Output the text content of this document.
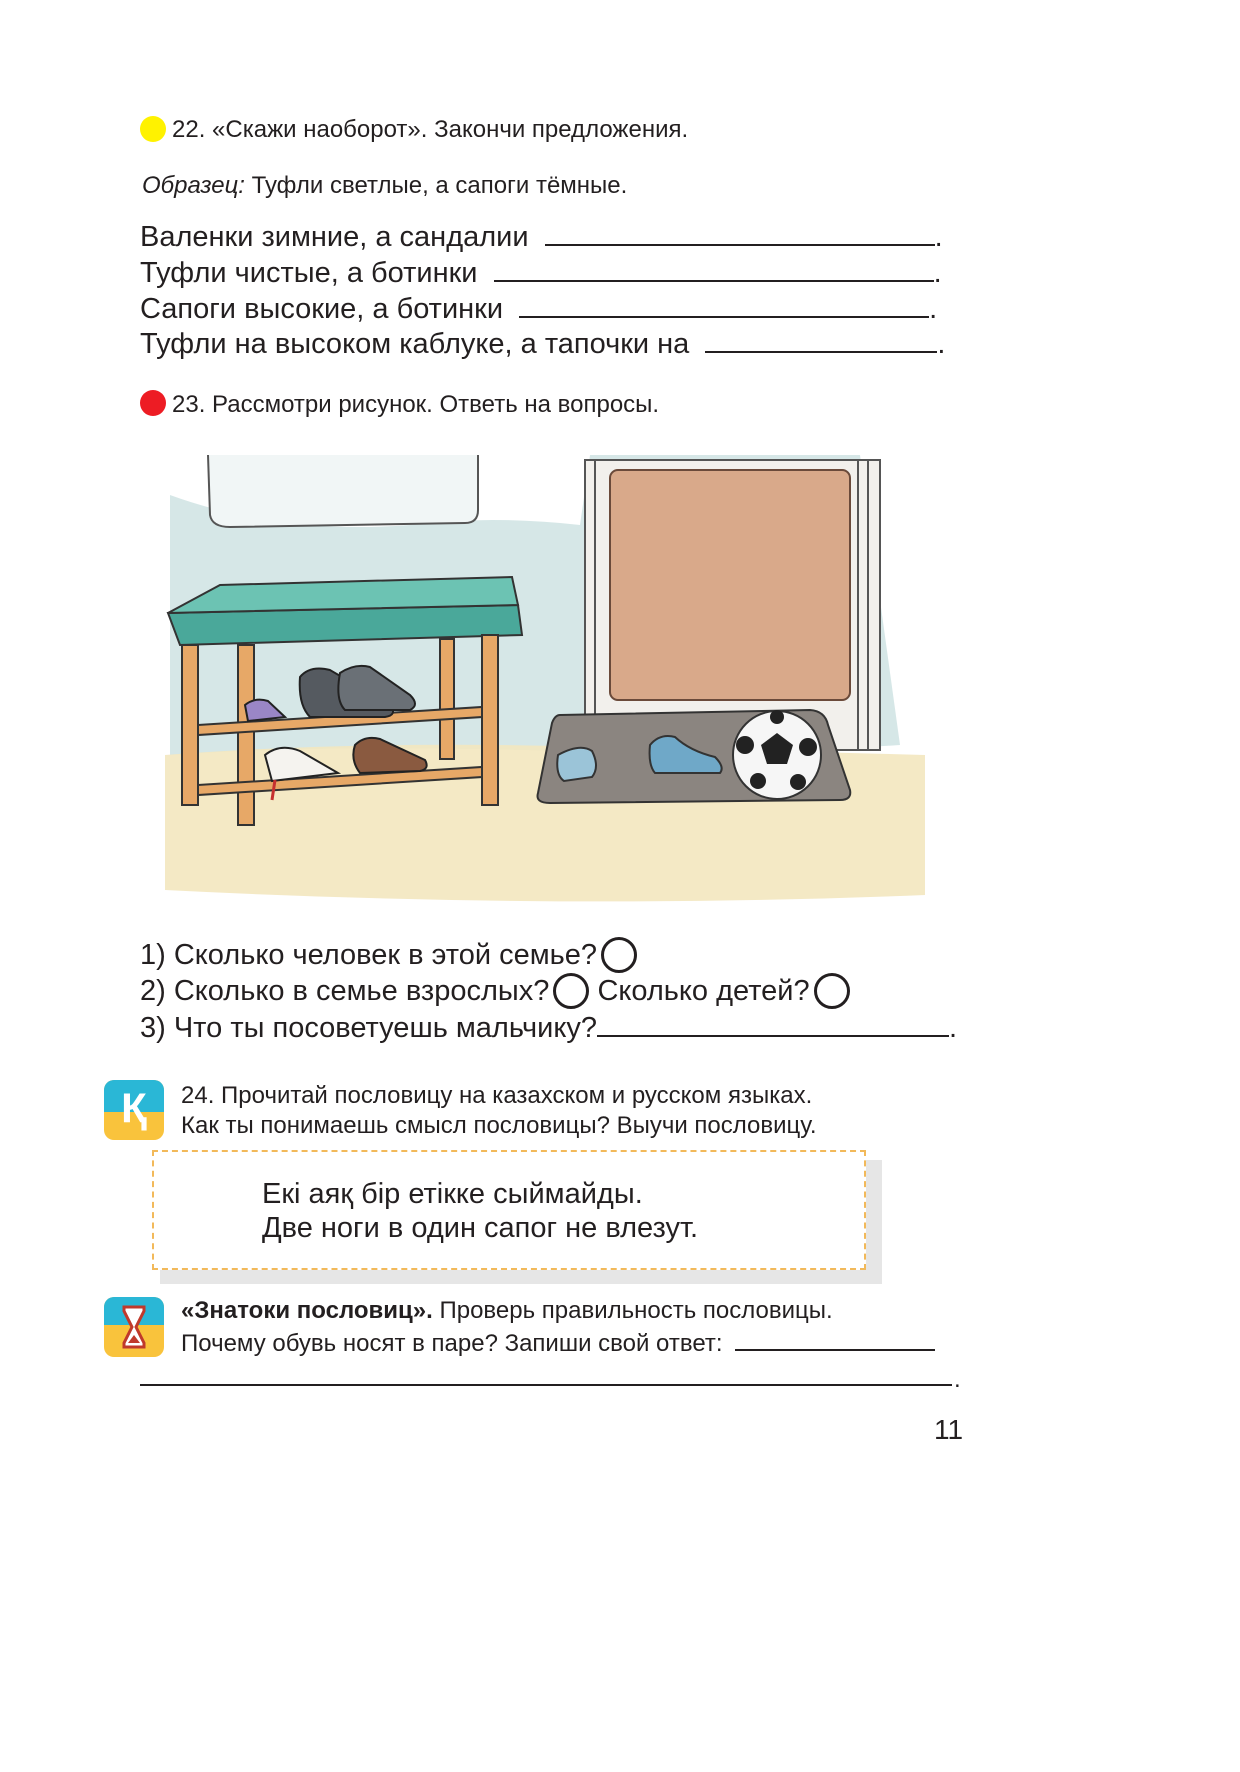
22. «Скажи наоборот». Закончи предложения.
Образец: Туфли светлые, а сапоги тёмные.
Валенки зимние, а сандалии	.
Туфли чистые, а ботинки	.
Сапоги высокие, а ботинки	.
Туфли на высоком каблуке, а тапочки на	.
23. Рассмотри рисунок. Ответь на вопросы.
1) Сколько человек в этой семье?
2) Сколько в семье взрослых? Сколько детей?
3) Что ты посоветуешь мальчику?	.
Қ	24. Прочитай пословицу на казахском и русском языках.
Как ты понимаешь смысл пословицы? Выучи пословицу.
Екі аяқ бір етікке сыймайды.
Две ноги в один сапог не влезут.
«Знатоки пословиц». Проверь правильность пословицы.
Почему обувь носят в паре? Запиши свой ответ:
.
11
